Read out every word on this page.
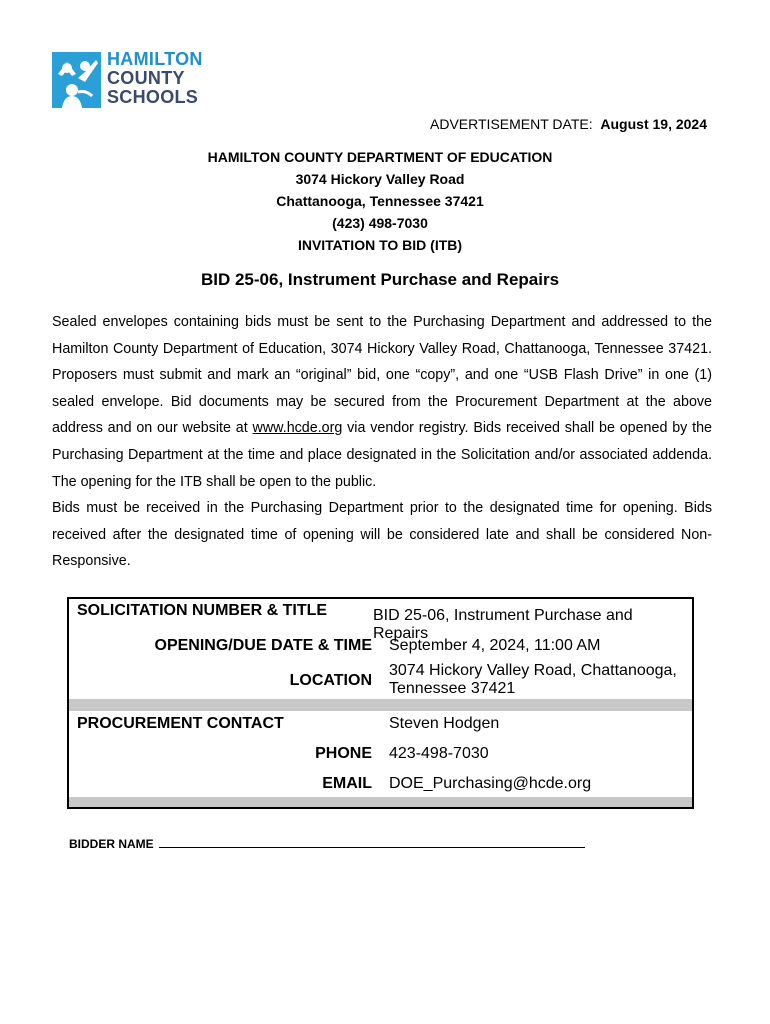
HAMILTON
COUNTY
SCHOOLS
ADVERTISEMENT DATE: August 19, 2024
HAMILTON COUNTY DEPARTMENT OF EDUCATION
3074 Hickory Valley Road
Chattanooga, Tennessee 37421
(423) 498-7030
INVITATION TO BID (ITB)
BID 25-06, Instrument Purchase and Repairs

Sealed envelopes containing bids must be sent to the Purchasing Department and addressed to the Hamilton County Department of Education, 3074 Hickory Valley Road, Chattanooga, Tennessee 37421. Proposers must submit and mark an “original” bid, one “copy”, and one “USB Flash Drive” in one (1) sealed envelope. Bid documents may be secured from the Procurement Department at the above address and on our website at www.hcde.org via vendor registry. Bids received shall be opened by the Purchasing Department at the time and place designated in the Solicitation and/or associated addenda. The opening for the ITB shall be open to the public.

Bids must be received in the Purchasing Department prior to the designated time for opening. Bids received after the designated time of opening will be considered late and shall be considered Non-Responsive.

SOLICITATION NUMBER & TITLE	BID 25-06, Instrument Purchase and Repairs
OPENING/DUE DATE & TIME September 4, 2024, 11:00 AM
LOCATION
3074 Hickory Valley Road, Chattanooga,
Tennessee 37421
PROCUREMENT CONTACT	Steven Hodgen
PHONE 423-498-7030
EMAIL DOE_Purchasing@hcde.org
BIDDER NAME
